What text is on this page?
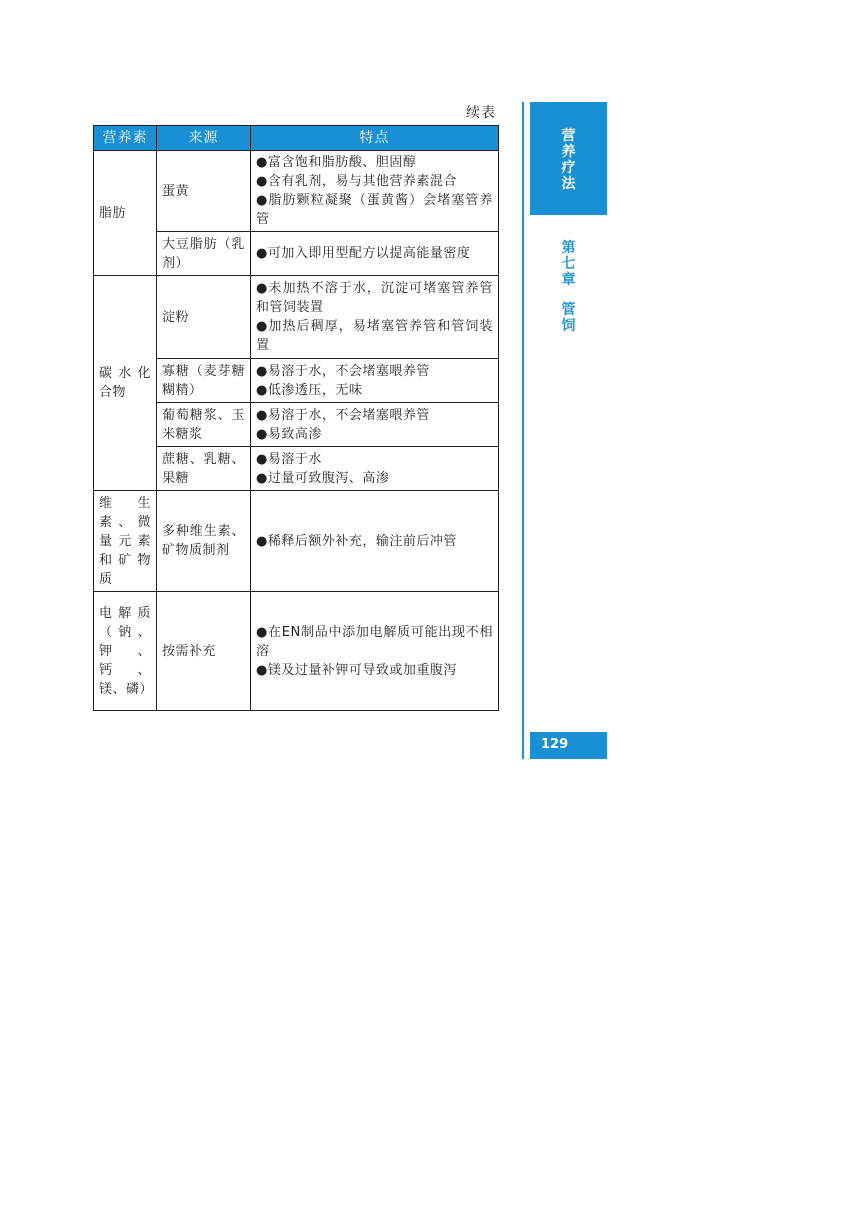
续表
营养素	来源	特点
脂肪	蛋黄	●富含饱和脂肪酸、胆固醇
●含有乳剂，易与其他营养素混合
●脂肪颗粒凝聚（蛋黄酱）会堵塞管养管

	大豆脂肪（乳剂）	●可加入即用型配方以提高能量密度

碳水化合物	淀粉	●未加热不溶于水，沉淀可堵塞管养管和管饲装置
●加热后稠厚，易堵塞管养管和管饲装置

	寡糖（麦芽糖糊精）	●易溶于水，不会堵塞喂养管
●低渗透压，无味

	葡萄糖浆、玉米糖浆	●易溶于水，不会堵塞喂养管
●易致高渗

	蔗糖、乳糖、果糖	●易溶于水
●过量可致腹泻、高渗

维生素、微量元素和矿物质	多种维生素、矿物质制剂	●稀释后额外补充，输注前后冲管

电解质（钠、钾、钙、镁、磷）	按需补充	●在EN制品中添加电解质可能出现不相溶
●镁及过量补钾可导致或加重腹泻
营
养
疗
法
第
七
章
管
饲
129
